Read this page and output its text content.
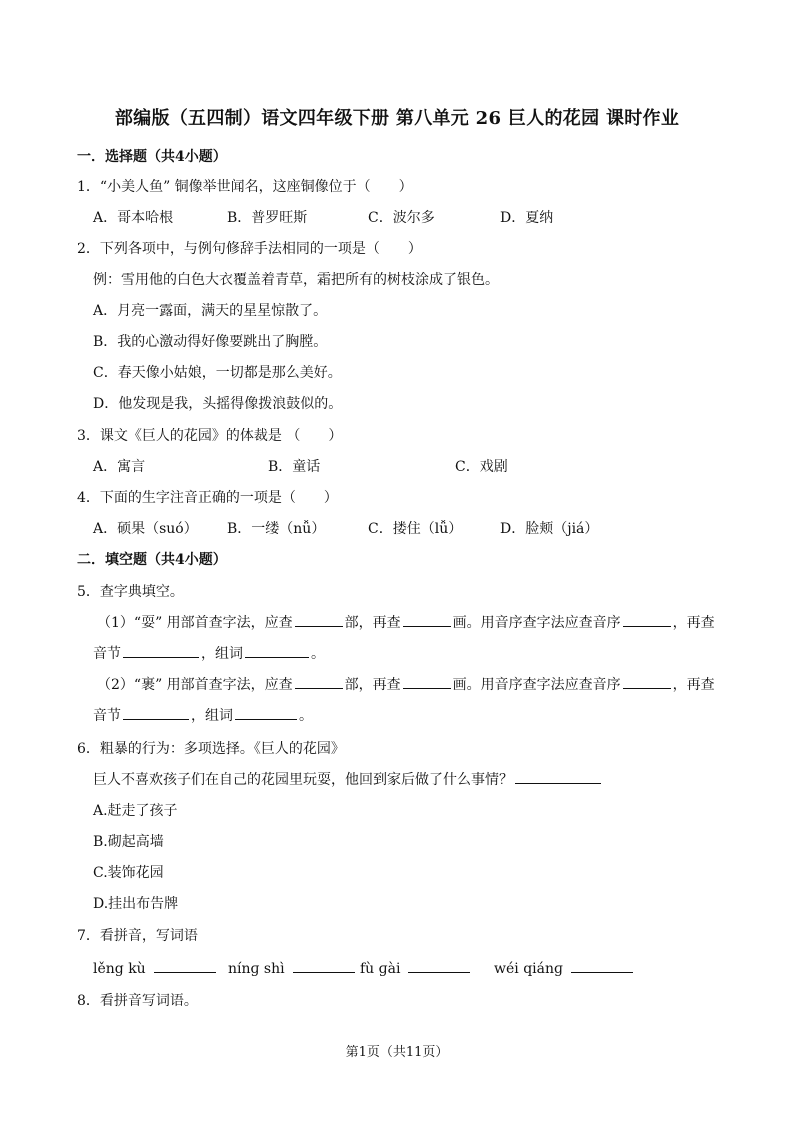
部编版（五四制）语文四年级下册 第八单元 26 巨人的花园 课时作业
一．选择题（共4小题）
1．“小美人鱼” 铜像举世闻名，这座铜像位于（　　）
A．哥本哈根	B．普罗旺斯	C．波尔多	D．夏纳
2．下列各项中，与例句修辞手法相同的一项是（　　）
例：雪用他的白色大衣覆盖着青草，霜把所有的树枝涂成了银色。
A．月亮一露面，满天的星星惊散了。
B．我的心激动得好像要跳出了胸膛。
C．春天像小姑娘，一切都是那么美好。
D．他发现是我，头摇得像拨浪鼓似的。
3．课文《巨人的花园》的体裁是 （　　）
A．寓言	B．童话	C．戏剧
4．下面的生字注音正确的一项是（　　）
A．硕果（suó） B．一缕（nǚ）	C．搂住（lǚ）	D．脸颊（jiá）
二．填空题（共4小题）
5．查字典填空。
（1）“耍” 用部首查字法，应查	部，再查	画。用音序查字法应查音序	，再查
音节	，组词	。
（2）“裹” 用部首查字法，应查	部，再查	画。用音序查字法应查音序	，再查
音节	，组词	。
6．粗暴的行为：多项选择。《巨人的花园》
巨人不喜欢孩子们在自己的花园里玩耍，他回到家后做了什么事情？
A.赶走了孩子
B.砌起高墙
C.装饰花园
D.挂出布告牌
7．看拼音，写词语
lěng kù	nínɡ shì	fù ɡài	wéi qiánɡ
8．看拼音写词语。
第1页（共11页）
